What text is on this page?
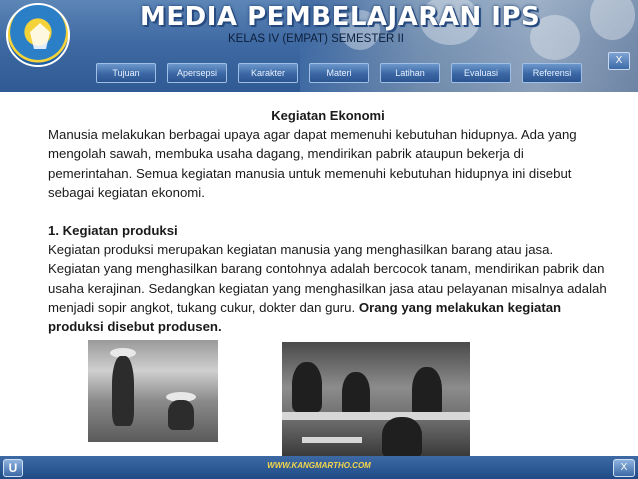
MEDIA PEMBELAJARAN IPS
KELAS IV (EMPAT) SEMESTER II
X
Tujuan	Apersepsi	Karakter	Materi	Latihan	Evaluasi	Referensi
Kegiatan Ekonomi

Manusia melakukan berbagai upaya agar dapat memenuhi kebutuhan hidupnya. Ada yang mengolah sawah, membuka usaha dagang, mendirikan pabrik ataupun bekerja di pemerintahan. Semua kegiatan manusia untuk memenuhi kebutuhan hidupnya ini disebut sebagai kegiatan ekonomi.

1. Kegiatan produksi

Kegiatan produksi merupakan kegiatan manusia yang menghasilkan barang atau jasa. Kegiatan yang menghasilkan barang contohnya adalah bercocok tanam, mendirikan pabrik dan usaha kerajinan. Sedangkan kegiatan yang menghasilkan jasa atau pelayanan misalnya adalah menjadi sopir angkot, tukang cukur, dokter dan guru. Orang yang melakukan kegiatan produksi disebut produsen.

WWW.KANGMARTHO.COM
U	X
